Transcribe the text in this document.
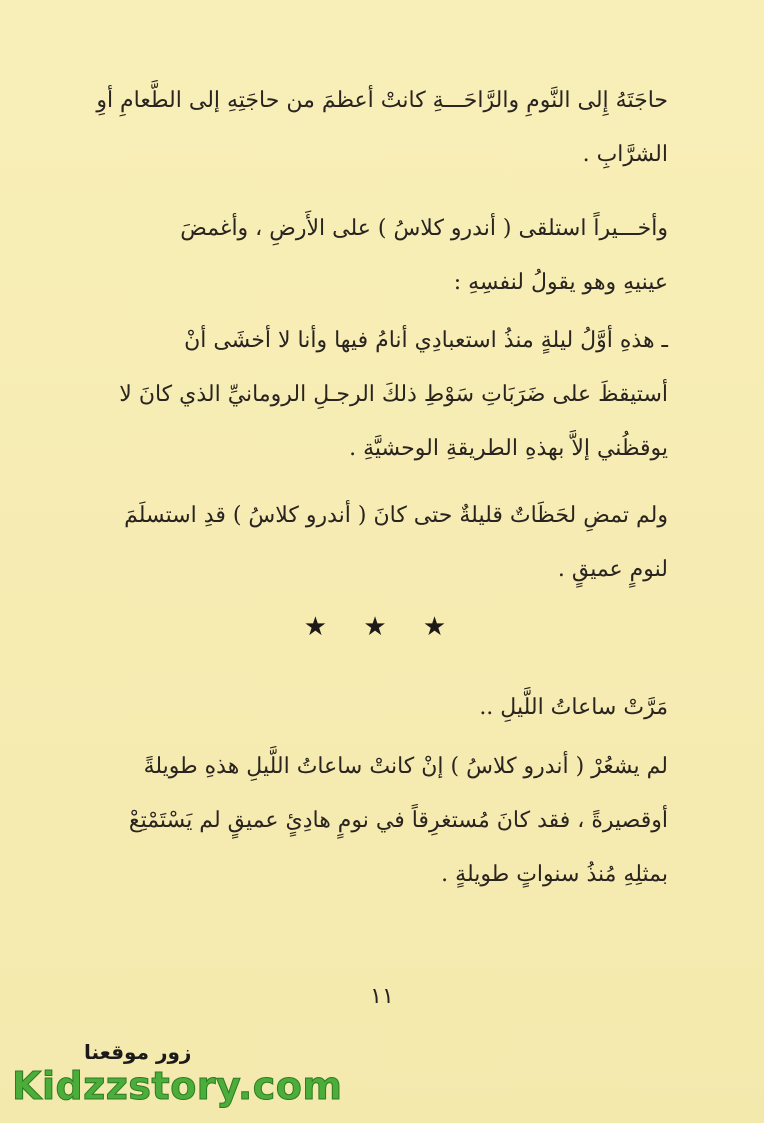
حاجَتَهُ إِلى النَّومِ والرَّاحَـــةِ كانتْ أعظمَ من حاجَتِهِ إلى الطَّعامِ أوِ

الشرَّابِ .

وأخـــيراً استلقى ( أندرو كلاسُ ) على الأَرضِ ، وأغمضَ

عينيهِ وهو يقولُ لنفسِهِ :

ـ هذهِ أوَّلُ ليلةٍ منذُ استعبادِي أنامُ فيها وأنا لا أخشَى أنْ

أستيقظَ على ضَرَبَاتِ سَوْطِ ذلكَ الرجـلِ الرومانيِّ الذي كانَ لا

يوقظُني إلاَّ بهذهِ الطريقةِ الوحشيَّةِ .

ولم تمضِ لحَظَاتٌ قليلةٌ حتى كانَ ( أندرو كلاسُ ) قدِ استسلَمَ

لنومٍ عميقٍ .

★ ★ ★

مَرَّتْ ساعاتُ اللَّيلِ ..

لم يشعُرْ ( أندرو كلاسُ ) إنْ كانتْ ساعاتُ اللَّيلِ هذهِ طويلةً

أوقصيرةً ، فقد كانَ مُستغرِقاً في نومٍ هادِئٍ عميقٍ لم يَسْتَمْتِعْ

بمثلِهِ مُنذُ سنواتٍ طويلةٍ .

١١
زور موقعنا
Kidzzstory.com
